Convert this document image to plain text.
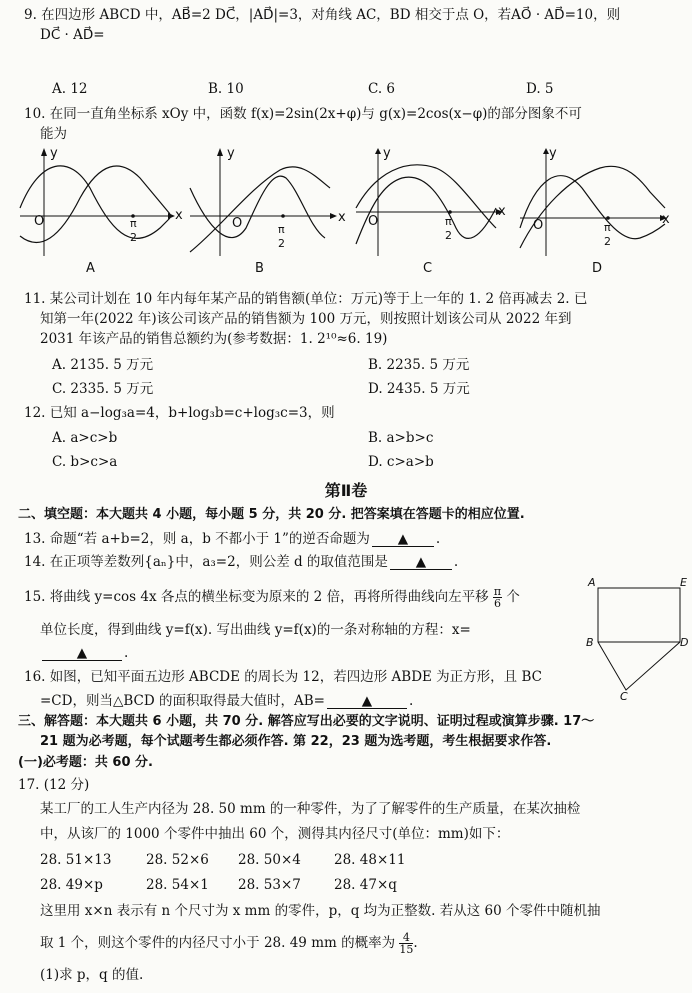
9. 在四边形 ABCD 中，AB⃗=2 DC⃗，|AD⃗|=3，对角线 AC，BD 相交于点 O，若AO⃗ · AD⃗=10，则
DC⃗ · AD⃗=
A. 12	B. 10	C. 6	D. 5
10. 在同一直角坐标系 xOy 中，函数 f(x)=2sin(2x+φ)与 g(x)=2cos(x−φ)的部分图象不可
能为
y
x
O	π
2
A
y
x
O	π
2
B
y
x
O	π
2
C
y
x
O	π
2
D
11. 某公司计划在 10 年内每年某产品的销售额(单位：万元)等于上一年的 1. 2 倍再减去 2. 已
知第一年(2022 年)该公司该产品的销售额为 100 万元，则按照计划该公司从 2022 年到
2031 年该产品的销售总额约为(参考数据：1. 2¹⁰≈6. 19)
A. 2135. 5 万元	B. 2235. 5 万元
C. 2335. 5 万元	D. 2435. 5 万元
12. 已知 a−log₃a=4，b+log₃b=c+log₃c=3，则
A. a>c>b	B. a>b>c
C. b>c>a	D. c>a>b
第Ⅱ卷
二、填空题：本大题共 4 小题，每小题 5 分，共 20 分. 把答案填在答题卡的相应位置.
13. 命题“若 a+b=2，则 a，b 不都小于 1”的逆否命题为 ▲ .
14. 在正项等差数列{aₙ}中，a₃=2，则公差 d 的取值范围是 ▲ .
15. 将曲线 y=cos 4x 各点的横坐标变为原来的 2 倍，再将所得曲线向左平移 $\frac{\pi}{6}$ 个
单位长度，得到曲线 y=f(x). 写出曲线 y=f(x)的一条对称轴的方程：x=
▲	.
16. 如图，已知平面五边形 ABCDE 的周长为 12，若四边形 ABDE 为正方形，且 BC
=CD，则当△BCD 的面积取得最大值时，AB=	▲	.
A	E
B	D
C
三、解答题：本大题共 6 小题，共 70 分. 解答应写出必要的文字说明、证明过程或演算步骤. 17～
21 题为必考题，每个试题考生都必须作答. 第 22，23 题为选考题，考生根据要求作答.
(一)必考题：共 60 分.
17. (12 分)
某工厂的工人生产内径为 28. 50 mm 的一种零件，为了了解零件的生产质量，在某次抽检
中，从该厂的 1000 个零件中抽出 60 个，测得其内径尺寸(单位：mm)如下：
28. 51×13	28. 52×6 28. 50×4 28. 48×11
28. 49×p	28. 54×1 28. 53×7 28. 47×q
这里用 x×n 表示有 n 个尺寸为 x mm 的零件，p，q 均为正整数. 若从这 60 个零件中随机抽
取 1 个，则这个零件的内径尺寸小于 28. 49 mm 的概率为 $\frac{4}{15}$ .
(1)求 p，q 的值.
